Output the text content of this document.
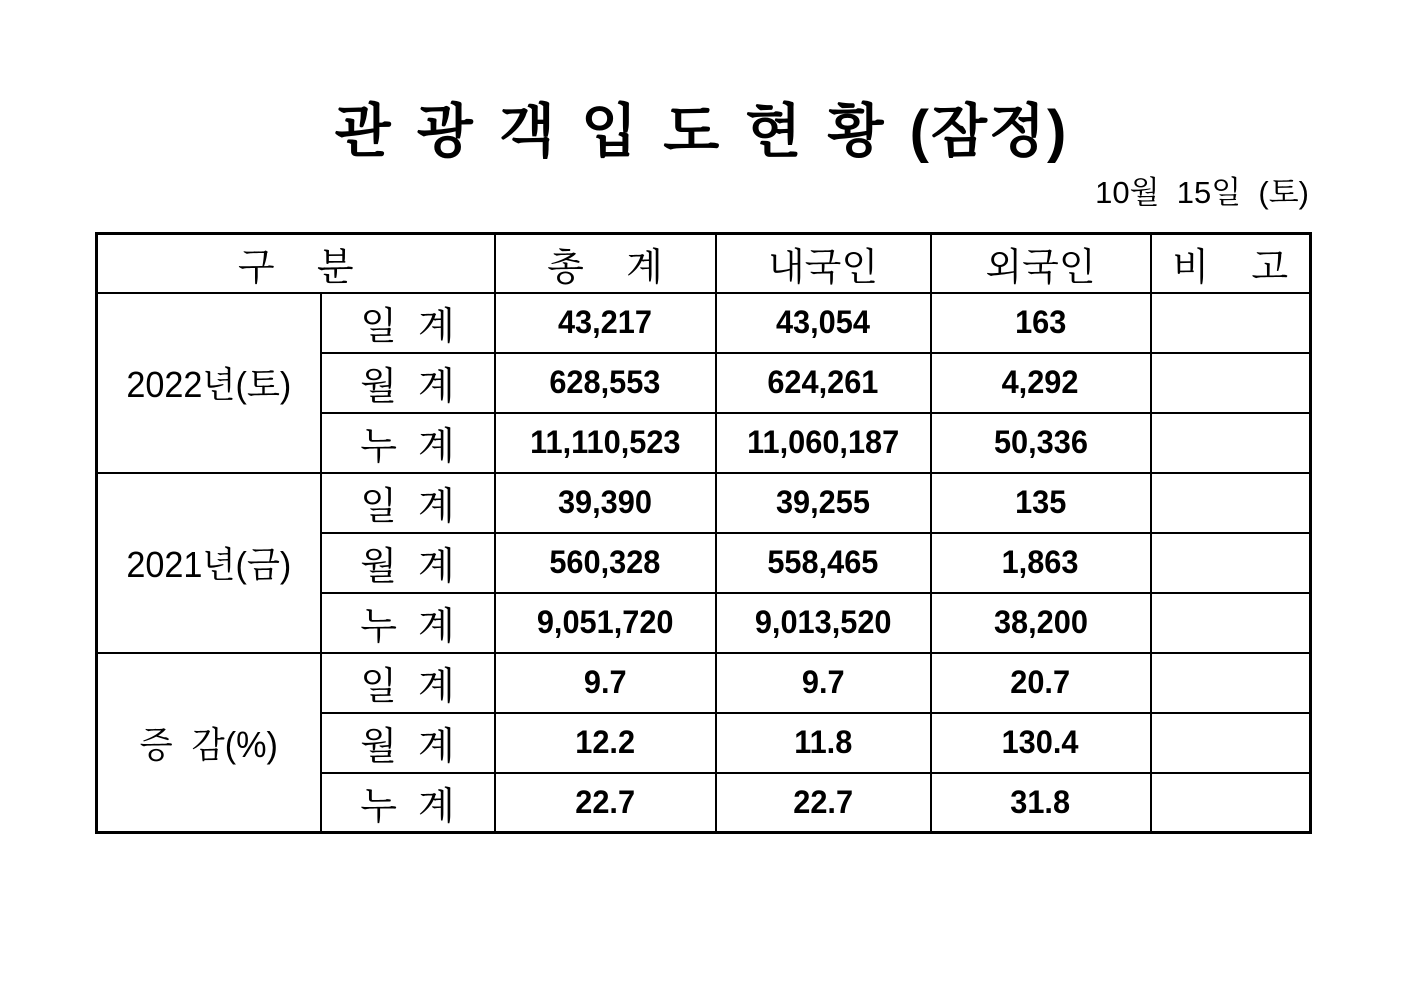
관 광 객 입 도 현 황 (잠정)
10월  15일  (토)
구    분		총    계	내국인	외국인	비    고
2022년(토)	일  계	43,217	43,054	163	
	월  계	628,553	624,261	4,292	
	누  계	11,110,523	11,060,187	50,336	
2021년(금)	일  계	39,390	39,255	135	
	월  계	560,328	558,465	1,863	
	누  계	9,051,720	9,013,520	38,200	
증  감(%)	일  계	9.7	9.7	20.7	
	월  계	12.2	11.8	130.4	
	누  계	22.7	22.7	31.8	
